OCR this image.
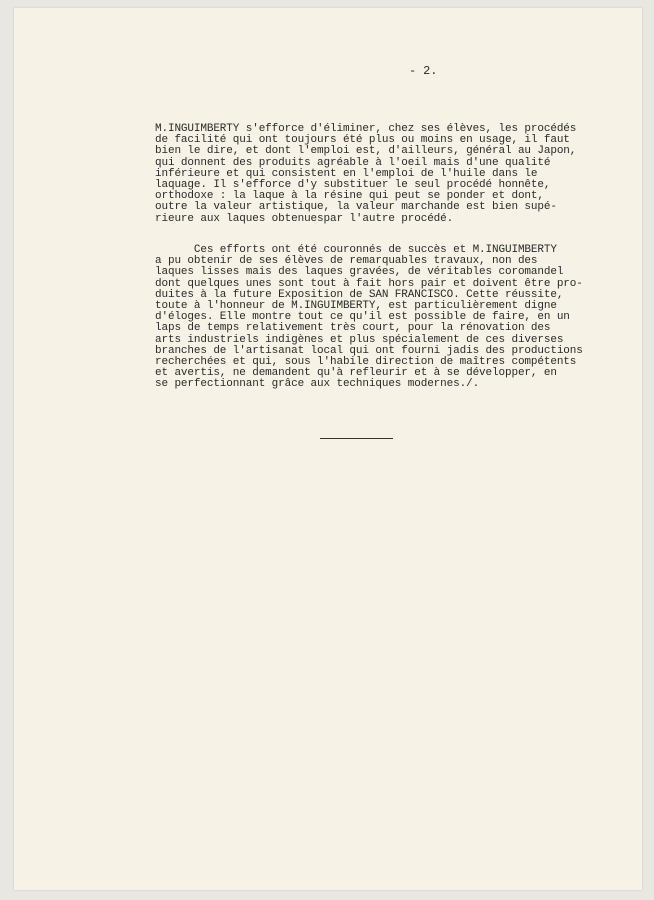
- 2.

M.INGUIMBERTY s'efforce d'éliminer, chez ses élèves, les procédés
de facilité qui ont toujours été plus ou moins en usage, il faut
bien le dire, et dont l'emploi est, d'ailleurs, général au Japon,
qui donnent des produits agréable à l'oeil mais d'une qualité
inférieure et qui consistent en l'emploi de l'huile dans le
laquage. Il s'efforce d'y substituer le seul procédé honnête,
orthodoxe : la laque à la résine qui peut se ponder et dont,
outre la valeur artistique, la valeur marchande est bien supé-
rieure aux laques obtenuespar l'autre procédé.
Ces efforts ont été couronnés de succès et M.INGUIMBERTY
a pu obtenir de ses élèves de remarquables travaux, non des
laques lisses mais des laques gravées, de véritables coromandel
dont quelques unes sont tout à fait hors pair et doivent être pro-
duites à la future Exposition de SAN FRANCISCO. Cette réussite,
toute à l'honneur de M.INGUIMBERTY, est particulièrement digne
d'éloges. Elle montre tout ce qu'il est possible de faire, en un
laps de temps relativement très court, pour la rénovation des
arts industriels indigènes et plus spécialement de ces diverses
branches de l'artisanat local qui ont fourni jadis des productions
recherchées et qui, sous l'habile direction de maîtres compétents
et avertis, ne demandent qu'à refleurir et à se développer, en
se perfectionnant grâce aux techniques modernes./.
